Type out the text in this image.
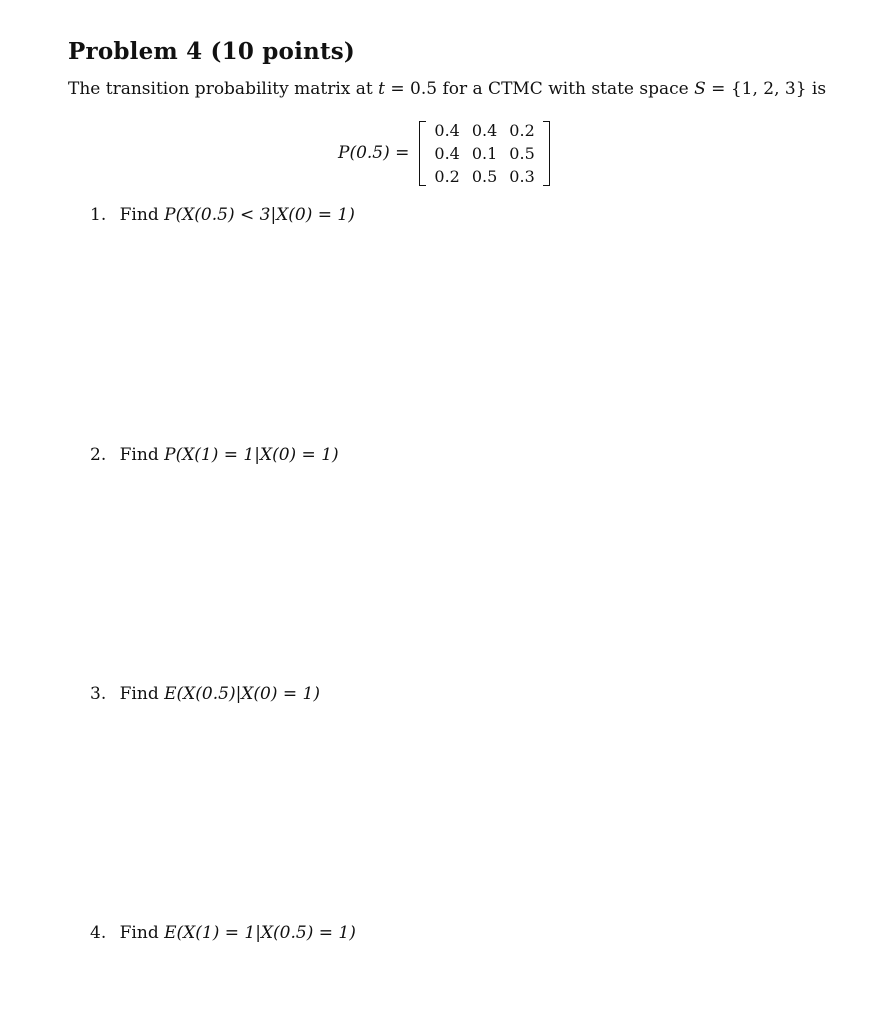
Problem 4 (10 points)
The transition probability matrix at t = 0.5 for a CTMC with state space S = {1, 2, 3} is
P(0.5) =
0.4	0.4	0.2
0.4	0.1	0.5
0.2	0.5	0.3
1. Find P(X(0.5) < 3|X(0) = 1)
2. Find P(X(1) = 1|X(0) = 1)
3. Find E(X(0.5)|X(0) = 1)
4. Find E(X(1) = 1|X(0.5) = 1)
